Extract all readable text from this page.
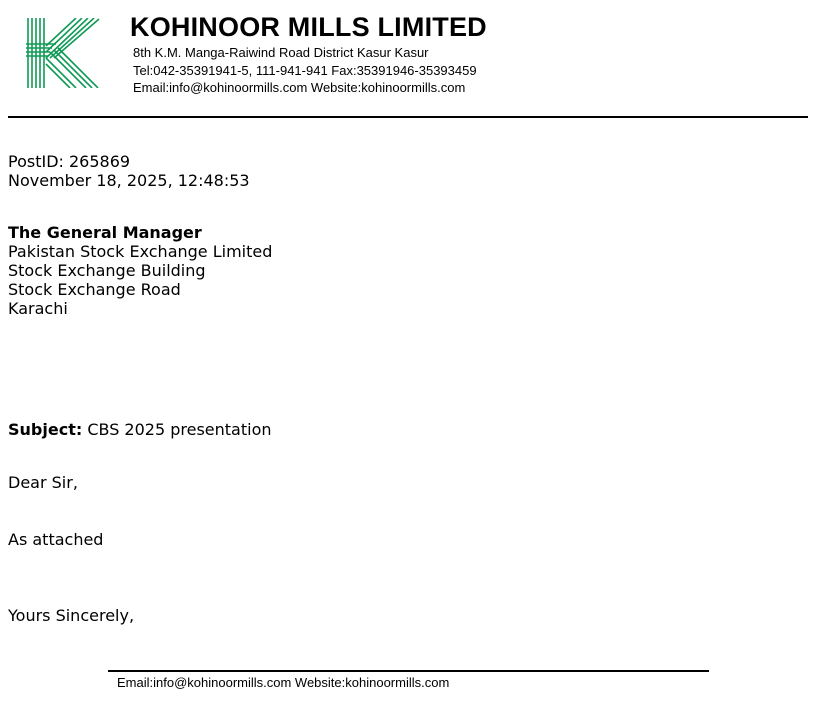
KOHINOOR MILLS LIMITED

8th K.M. Manga-Raiwind Road District Kasur Kasur

Tel:042-35391941-5, 111-941-941 Fax:35391946-35393459

Email:info@kohinoormills.com Website:kohinoormills.com

PostID: 265869

November 18, 2025, 12:48:53

The General Manager

Pakistan Stock Exchange Limited

Stock Exchange Building

Stock Exchange Road

Karachi

Subject: CBS 2025 presentation

Dear Sir,

As attached

Yours Sincerely,

Email:info@kohinoormills.com Website:kohinoormills.com
